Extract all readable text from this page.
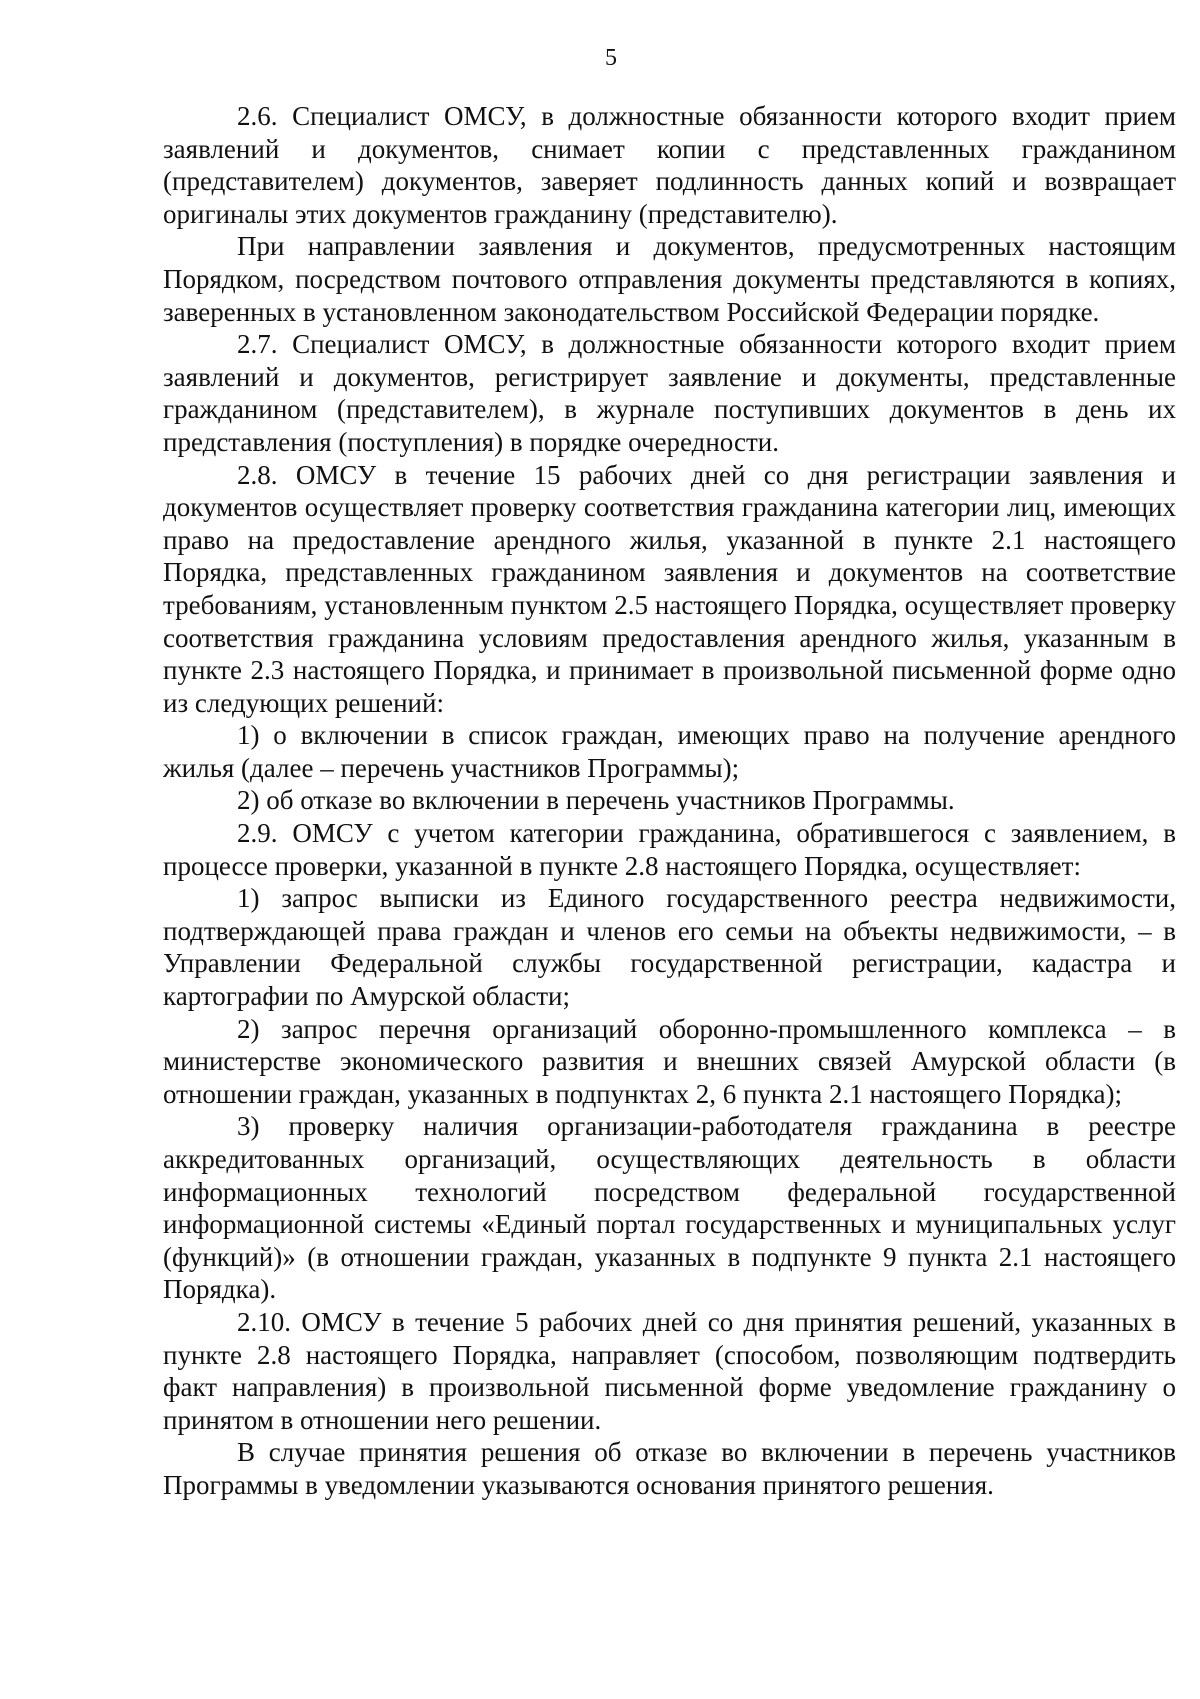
5

2.6. Специалист ОМСУ, в должностные обязанности которого входит прием заявлений и документов, снимает копии с представленных гражданином (представителем) документов, заверяет подлинность данных копий и возвращает оригиналы этих документов гражданину (представителю).

При направлении заявления и документов, предусмотренных настоящим Порядком, посредством почтового отправления документы представляются в копиях, заверенных в установленном законодательством Российской Федерации порядке.

2.7. Специалист ОМСУ, в должностные обязанности которого входит прием заявлений и документов, регистрирует заявление и документы, представленные гражданином (представителем), в журнале поступивших документов в день их представления (поступления) в порядке очередности.

2.8. ОМСУ в течение 15 рабочих дней со дня регистрации заявления и документов осуществляет проверку соответствия гражданина категории лиц, имеющих право на предоставление арендного жилья, указанной в пункте 2.1 настоящего Порядка, представленных гражданином заявления и документов на соответствие требованиям, установленным пунктом 2.5 настоящего Порядка, осуществляет проверку соответствия гражданина условиям предоставления арендного жилья, указанным в пункте 2.3 настоящего Порядка, и принимает в произвольной письменной форме одно из следующих решений:

1) о включении в список граждан, имеющих право на получение арендного жилья (далее – перечень участников Программы);

2) об отказе во включении в перечень участников Программы.

2.9. ОМСУ с учетом категории гражданина, обратившегося с заявлением, в процессе проверки, указанной в пункте 2.8 настоящего Порядка, осуществляет:

1) запрос выписки из Единого государственного реестра недвижимости, подтверждающей права граждан и членов его семьи на объекты недвижимости, – в Управлении Федеральной службы государственной регистрации, кадастра и картографии по Амурской области;

2) запрос перечня организаций оборонно-промышленного комплекса – в министерстве экономического развития и внешних связей Амурской области (в отношении граждан, указанных в подпунктах 2, 6 пункта 2.1 настоящего Порядка);

3) проверку наличия организации-работодателя гражданина в реестре аккредитованных организаций, осуществляющих деятельность в области информационных технологий посредством федеральной государственной информационной системы «Единый портал государственных и муниципальных услуг (функций)» (в отношении граждан, указанных в подпункте 9 пункта 2.1 настоящего Порядка).

2.10. ОМСУ в течение 5 рабочих дней со дня принятия решений, указанных в пункте 2.8 настоящего Порядка, направляет (способом, позволяющим подтвердить факт направления) в произвольной письменной форме уведомление гражданину о принятом в отношении него решении.

В случае принятия решения об отказе во включении в перечень участников Программы в уведомлении указываются основания принятого решения.
